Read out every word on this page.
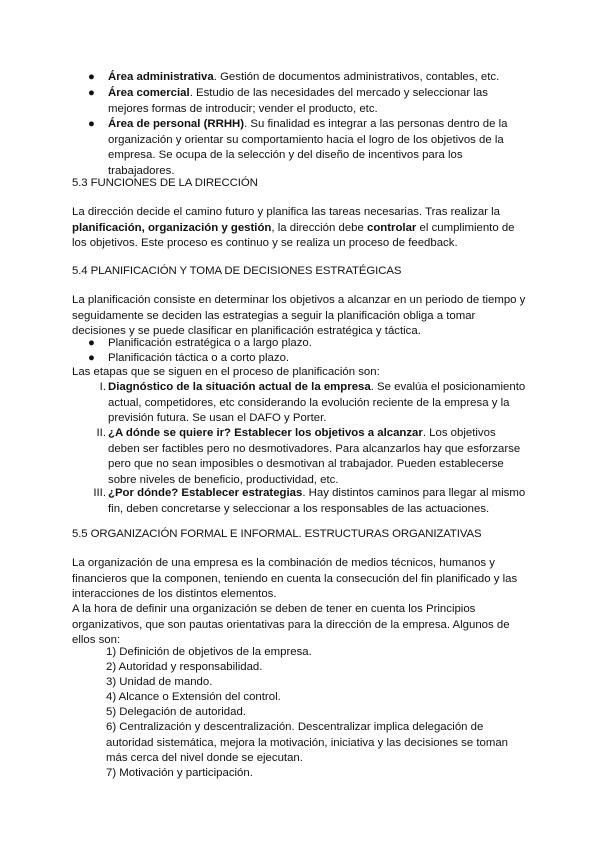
●	Área administrativa. Gestión de documentos administrativos, contables, etc.
●	Área comercial. Estudio de las necesidades del mercado y seleccionar las mejores formas de introducir; vender el producto, etc.
●	Área de personal (RRHH). Su finalidad es integrar a las personas dentro de la organización y orientar su comportamiento hacia el logro de los objetivos de la empresa. Se ocupa de la selección y del diseño de incentivos para los trabajadores.

5.3 FUNCIONES DE LA DIRECCIÓN

La dirección decide el camino futuro y planifica las tareas necesarias. Tras realizar la planificación, organización y gestión, la dirección debe controlar el cumplimiento de los objetivos. Este proceso es continuo y se realiza un proceso de feedback.

5.4 PLANIFICACIÓN Y TOMA DE DECISIONES ESTRATÉGICAS

La planificación consiste en determinar los objetivos a alcanzar en un periodo de tiempo y seguidamente se deciden las estrategias a seguir la planificación obliga a tomar decisiones y se puede clasificar en planificación estratégica y táctica.

●	Planificación estratégica o a largo plazo.
●	Planificación táctica o a corto plazo.

Las etapas que se siguen en el proceso de planificación son:

I. Diagnóstico de la situación actual de la empresa. Se evalúa el posicionamiento actual, competidores, etc considerando la evolución reciente de la empresa y la previsión futura. Se usan el DAFO y Porter.
II. ¿A dónde se quiere ir? Establecer los objetivos a alcanzar. Los objetivos deben ser factibles pero no desmotivadores. Para alcanzarlos hay que esforzarse pero que no sean imposibles o desmotivan al trabajador. Pueden establecerse sobre niveles de beneficio, productividad, etc.
III. ¿Por dónde? Establecer estrategias. Hay distintos caminos para llegar al mismo fin, deben concretarse y seleccionar a los responsables de las actuaciones.

5.5 ORGANIZACIÓN FORMAL E INFORMAL. ESTRUCTURAS ORGANIZATIVAS

La organización de una empresa es la combinación de medios técnicos, humanos y financieros que la componen, teniendo en cuenta la consecución del fin planificado y las interacciones de los distintos elementos.

A la hora de definir una organización se deben de tener en cuenta los Principios organizativos, que son pautas orientativas para la dirección de la empresa. Algunos de ellos son:

1) Definición de objetivos de la empresa.

2) Autoridad y responsabilidad.

3) Unidad de mando.

4) Alcance o Extensión del control.

5) Delegación de autoridad.

6) Centralización y descentralización. Descentralizar implica delegación de autoridad sistemática, mejora la motivación, iniciativa y las decisiones se toman más cerca del nivel donde se ejecutan.

7) Motivación y participación.
